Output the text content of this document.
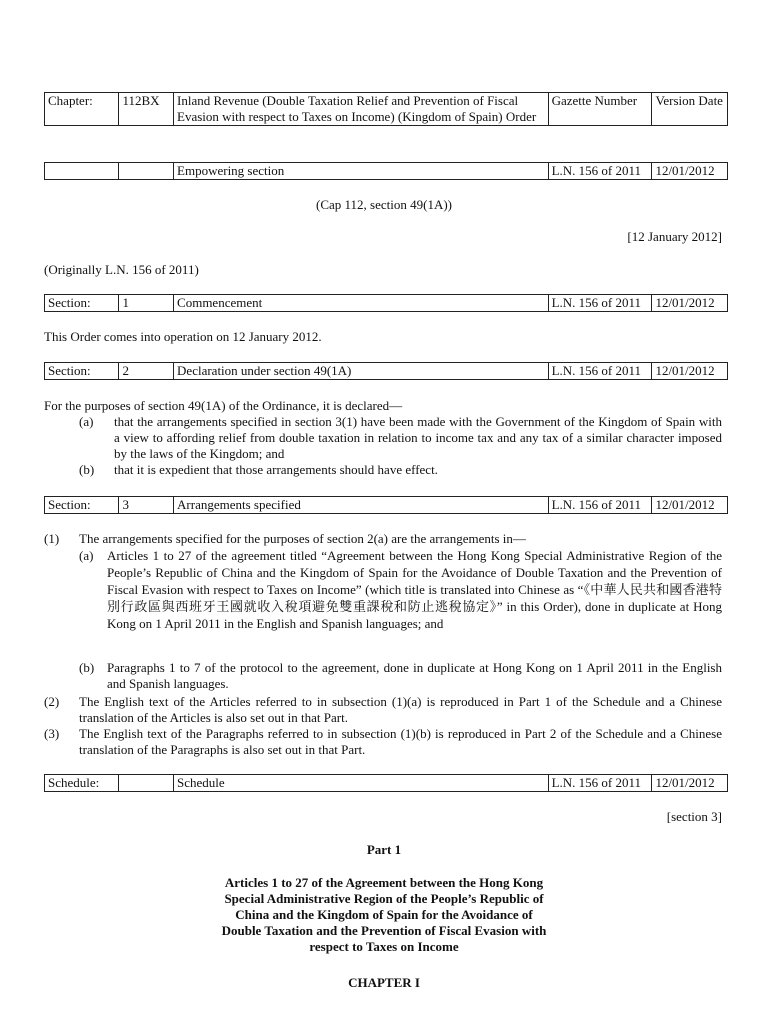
Chapter:	112BX	Inland Revenue (Double Taxation Relief and Prevention of Fiscal Evasion with respect to Taxes on Income) (Kingdom of Spain) Order	Gazette Number	Version Date
		Empowering section	L.N. 156 of 2011	12/01/2012
(Cap 112, section 49(1A))
[12 January 2012]
(Originally L.N. 156 of 2011)
Section:	1	Commencement	L.N. 156 of 2011	12/01/2012
This Order comes into operation on 12 January 2012.
Section:	2	Declaration under section 49(1A)	L.N. 156 of 2011	12/01/2012
For the purposes of section 49(1A) of the Ordinance, it is declared—
(a)	that the arrangements specified in section 3(1) have been made with the Government of the Kingdom of Spain with a view to affording relief from double taxation in relation to income tax and any tax of a similar character imposed by the laws of the Kingdom; and
(b)	that it is expedient that those arrangements should have effect.
Section:	3	Arrangements specified	L.N. 156 of 2011	12/01/2012
(1)	The arrangements specified for the purposes of section 2(a) are the arrangements in—
(a)	Articles 1 to 27 of the agreement titled “Agreement between the Hong Kong Special Administrative Region of the People’s Republic of China and the Kingdom of Spain for the Avoidance of Double Taxation and the Prevention of Fiscal Evasion with respect to Taxes on Income” (which title is translated into Chinese as “《中華人民共和國香港特別行政區與西班牙王國就收入稅項避免雙重課稅和防止逃稅協定》” in this Order), done in duplicate at Hong Kong on 1 April 2011 in the English and Spanish languages; and
(b) Paragraphs 1 to 7 of the protocol to the agreement, done in duplicate at Hong Kong on 1 April 2011 in the English and Spanish languages.
(2)	The English text of the Articles referred to in subsection (1)(a) is reproduced in Part 1 of the Schedule and a Chinese translation of the Articles is also set out in that Part.
(3)	The English text of the Paragraphs referred to in subsection (1)(b) is reproduced in Part 2 of the Schedule and a Chinese translation of the Paragraphs is also set out in that Part.
Schedule:		Schedule	L.N. 156 of 2011	12/01/2012
[section 3]
Part 1
Articles 1 to 27 of the Agreement between the Hong Kong Special Administrative Region of the People’s Republic of China and the Kingdom of Spain for the Avoidance of Double Taxation and the Prevention of Fiscal Evasion with respect to Taxes on Income
CHAPTER I
